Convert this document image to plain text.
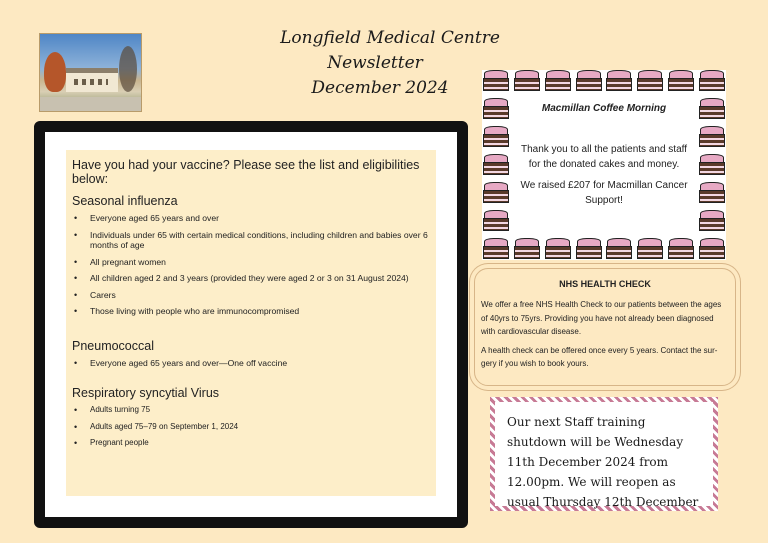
Longfield Medical Centre
Newsletter
December 2024
Have you had your vaccine? Please see the list and eligibilities below:
Seasonal influenza
• Everyone aged 65 years and over
• Individuals under 65 with certain medical conditions, including children and babies over 6 months of age
• All pregnant women
• All children aged 2 and 3 years (provided they were aged 2 or 3 on 31 August 2024)
• Carers
• Those living with people who are immunocompromised
Pneumococcal
• Everyone aged 65 years and over—One off vaccine
Respiratory syncytial Virus
• Adults turning 75
• Adults aged 75–79 on September 1, 2024
• Pregnant people
Macmillan Coffee Morning
Thank you to all the patients and staff for the donated cakes and money.
We raised £207 for Macmillan Cancer Support!
NHS HEALTH CHECK
We offer a free NHS Health Check to our patients between the ages of 40yrs to 75yrs. Providing you have not already been diagnosed with cardiovascular disease.
A health check can be offered once every 5 years. Contact the sur-gery if you wish to book yours.
Our next Staff training shutdown will be Wednesday 11th December 2024 from 12.00pm. We will reopen as usual Thursday 12th December
